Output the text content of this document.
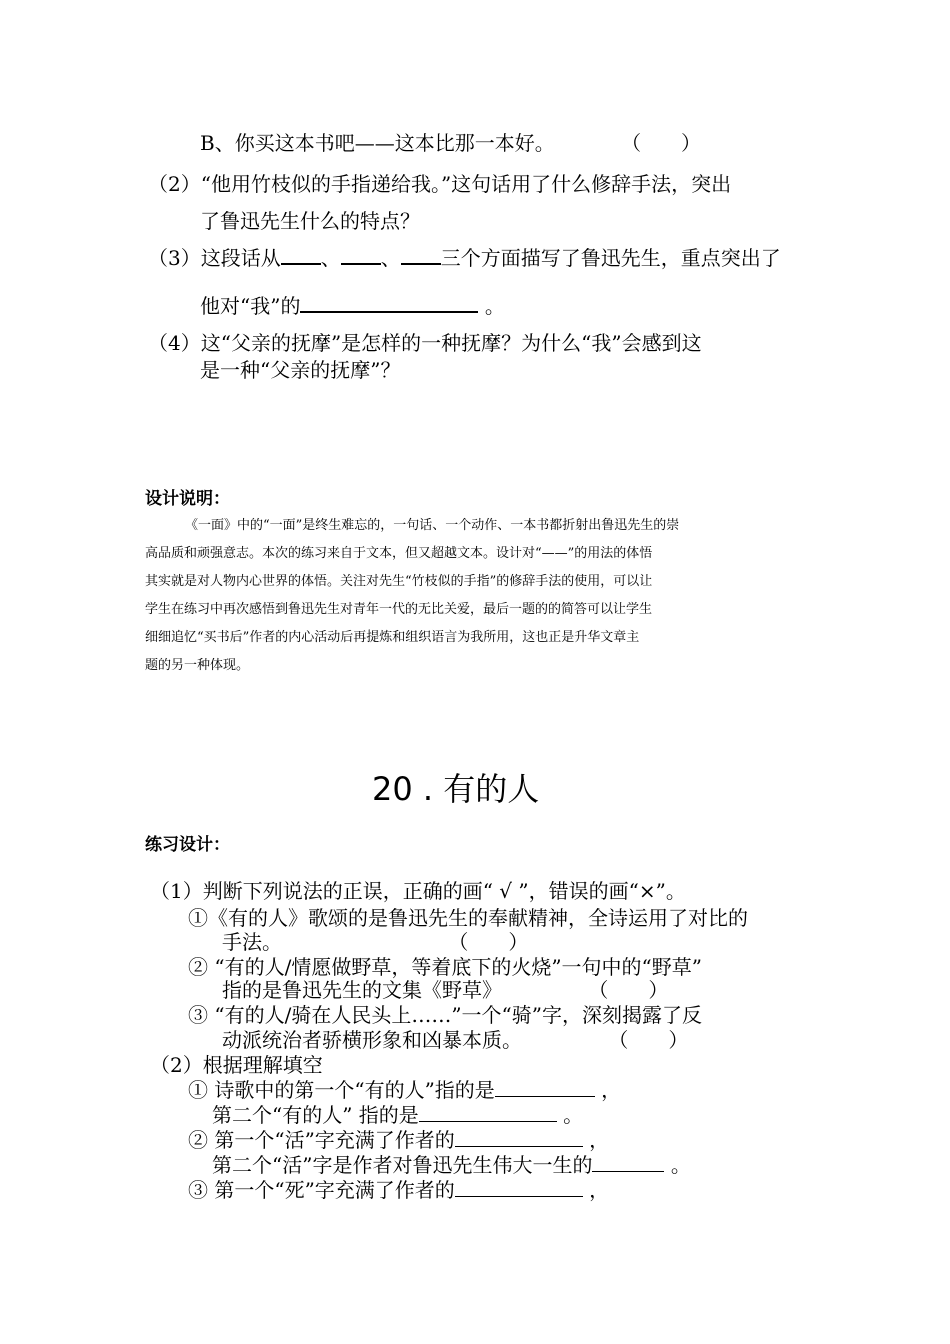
B、你买这本书吧——这本比那一本好。	（　　）
（2）“他用竹枝似的手指递给我。”这句话用了什么修辞手法，突出
了鲁迅先生什么的特点？
（3）这段话从 、 、 三个方面描写了鲁迅先生，重点突出了
他对“我”的	。
（4）这“父亲的抚摩”是怎样的一种抚摩？为什么“我”会感到这
是一种“父亲的抚摩”？
设计说明：
《一面》中的“一面”是终生难忘的，一句话、一个动作、一本书都折射出鲁迅先生的崇
高品质和顽强意志。本次的练习来自于文本，但又超越文本。设计对“——”的用法的体悟
其实就是对人物内心世界的体悟。关注对先生“竹枝似的手指”的修辞手法的使用，可以让
学生在练习中再次感悟到鲁迅先生对青年一代的无比关爱，最后一题的的简答可以让学生
细细追忆“买书后”作者的内心活动后再提炼和组织语言为我所用，这也正是升华文章主
题的另一种体现。
20 . 有的人
练习设计：
（1）判断下列说法的正误，正确的画“ √ ”，错误的画“×”。
①《有的人》歌颂的是鲁迅先生的奉献精神，全诗运用了对比的
手法。	（　　）
② “有的人/情愿做野草，等着底下的火烧”一句中的“野草”
指的是鲁迅先生的文集《野草》	（　　）
③ “有的人/骑在人民头上……”一个“骑”字，深刻揭露了反
动派统治者骄横形象和凶暴本质。	（　　）
（2）根据理解填空
① 诗歌中的第一个“有的人”指的是	，
第二个“有的人” 指的是	。
② 第一个“活”字充满了作者的	，
第二个“活”字是作者对鲁迅先生伟大一生的	。
③ 第一个“死”字充满了作者的	，
